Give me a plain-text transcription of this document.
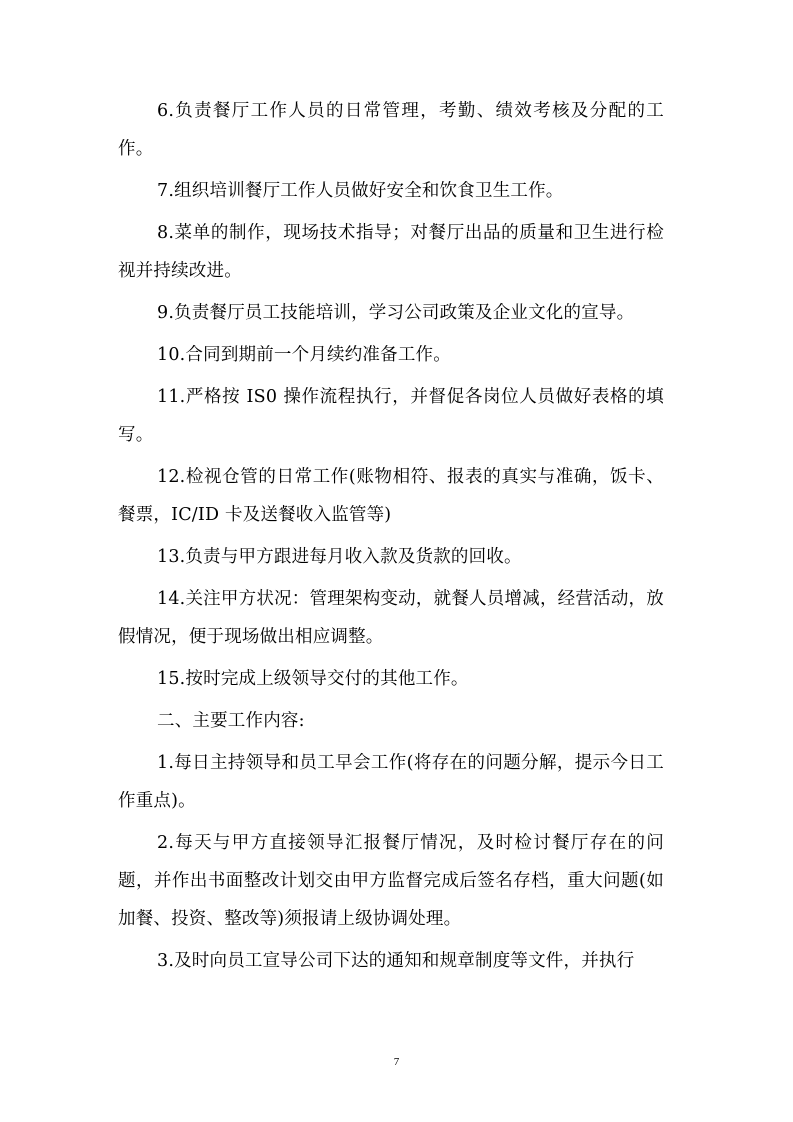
6.负责餐厅工作人员的日常管理，考勤、绩效考核及分配的工作。

7.组织培训餐厅工作人员做好安全和饮食卫生工作。

8.菜单的制作，现场技术指导；对餐厅出品的质量和卫生进行检视并持续改进。

9.负责餐厅员工技能培训，学习公司政策及企业文化的宣导。

10.合同到期前一个月续约准备工作。

11.严格按 IS0 操作流程执行，并督促各岗位人员做好表格的填写。

12.检视仓管的日常工作(账物相符、报表的真实与准确，饭卡、餐票，IC/ID 卡及送餐收入监管等)

13.负责与甲方跟进每月收入款及货款的回收。

14.关注甲方状况：管理架构变动，就餐人员增减，经营活动，放假情况，便于现场做出相应调整。

15.按时完成上级领导交付的其他工作。

二、主要工作内容:

1.每日主持领导和员工早会工作(将存在的问题分解，提示今日工作重点)。

2.每天与甲方直接领导汇报餐厅情况，及时检讨餐厅存在的问题，并作出书面整改计划交由甲方监督完成后签名存档，重大问题(如加餐、投资、整改等)须报请上级协调处理。

3.及时向员工宣导公司下达的通知和规章制度等文件，并执行

7
